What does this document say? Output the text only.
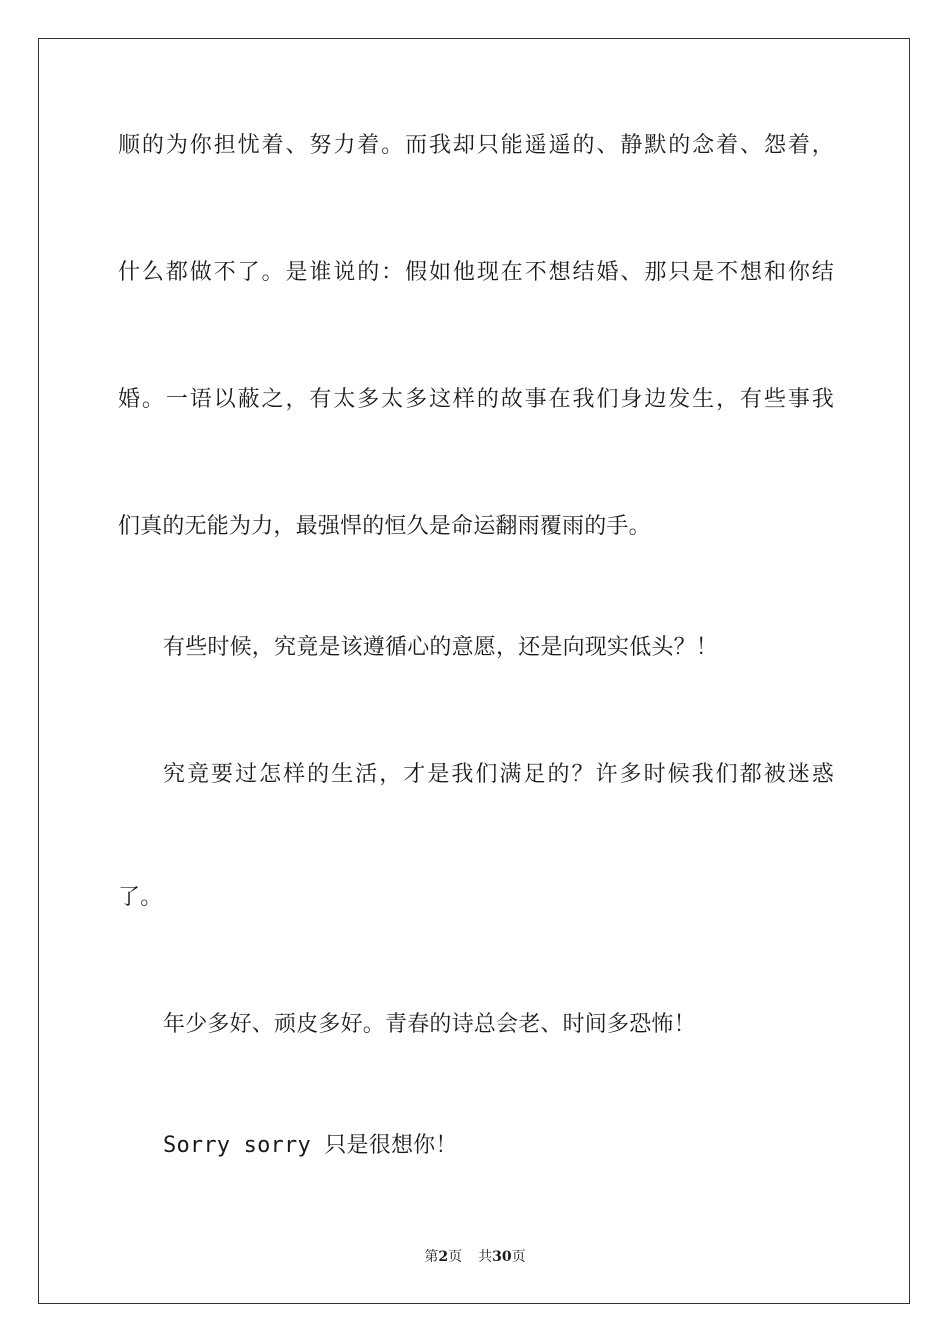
顺的为你担忧着、努力着。而我却只能遥遥的、静默的念着、怨着，
什么都做不了。是谁说的：假如他现在不想结婚、那只是不想和你结
婚。一语以蔽之，有太多太多这样的故事在我们身边发生，有些事我
们真的无能为力，最强悍的恒久是命运翻雨覆雨的手。
有些时候，究竟是该遵循心的意愿，还是向现实低头？！
究竟要过怎样的生活，才是我们满足的？许多时候我们都被迷惑
了。
年少多好、顽皮多好。青春的诗总会老、时间多恐怖！
Sorry sorry 只是很想你！
第2页 共30页
